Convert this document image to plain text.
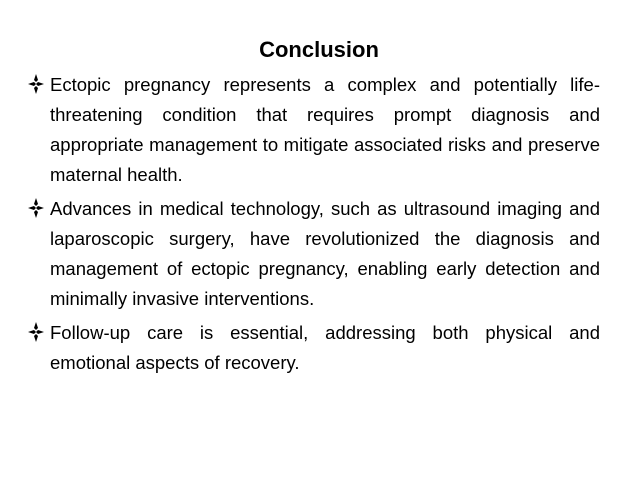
Conclusion
Ectopic pregnancy represents a complex and potentially life-threatening condition that requires prompt diagnosis and appropriate management to mitigate associated risks and preserve maternal health.
Advances in medical technology, such as ultrasound imaging and laparoscopic surgery, have revolutionized the diagnosis and management of ectopic pregnancy, enabling early detection and minimally invasive interventions.
Follow-up care is essential, addressing both physical and emotional aspects of recovery.
